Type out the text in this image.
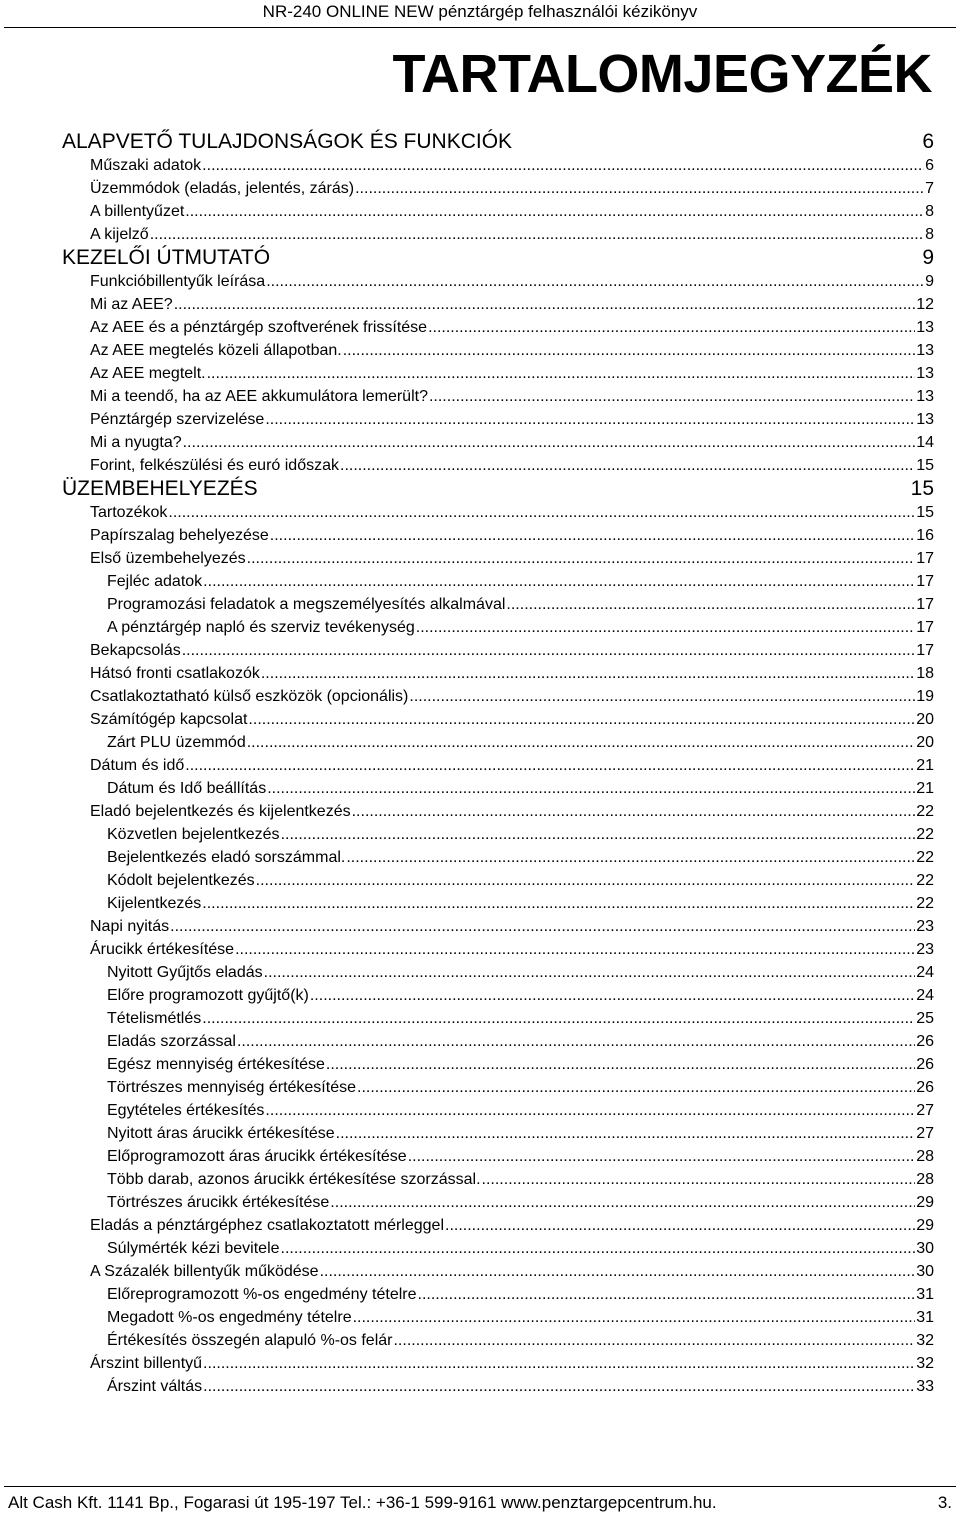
NR-240 ONLINE NEW pénztárgép felhasználói kézikönyv
TARTALOMJEGYZÉK
ALAPVETŐ TULAJDONSÁGOK ÉS FUNKCIÓK	6
Műszaki adatok .....	6
Üzemmódok (eladás, jelentés, zárás) .....	7
A billentyűzet .....	8
A kijelző .....	8
KEZELŐI ÚTMUTATÓ	9
Funkcióbillentyűk leírása .....	9
Mi az AEE? .....	12
Az AEE és a pénztárgép szoftverének frissítése .....	13
Az AEE megtelés közeli állapotban. .....	13
Az AEE megtelt. .....	13
Mi a teendő, ha az AEE akkumulátora lemerült? .....	13
Pénztárgép szervizelése .....	13
Mi a nyugta? .....	14
Forint, felkészülési és euró időszak .....	15
ÜZEMBEHELYEZÉS	15
Tartozékok .....	15
Papírszalag behelyezése .....	16
Első üzembehelyezés .....	17
Fejléc adatok .....	17
Programozási feladatok a megszemélyesítés alkalmával .....	17
A pénztárgép napló és szerviz tevékenység .....	17
Bekapcsolás .....	17
Hátsó fronti csatlakozók .....	18
Csatlakoztatható külső eszközök (opcionális) .....	19
Számítógép kapcsolat .....	20
Zárt PLU üzemmód .....	20
Dátum és idő .....	21
Dátum és Idő beállítás .....	21
Eladó bejelentkezés és kijelentkezés .....	22
Közvetlen bejelentkezés .....	22
Bejelentkezés eladó sorszámmal. .....	22
Kódolt bejelentkezés .....	22
Kijelentkezés .....	22
Napi nyitás .....	23
Árucikk értékesítése .....	23
Nyitott Gyűjtős eladás .....	24
Előre programozott gyűjtő(k) .....	24
Tételismétlés .....	25
Eladás szorzással .....	26
Egész mennyiség értékesítése .....	26
Törtrészes mennyiség értékesítése .....	26
Egytételes értékesítés .....	27
Nyitott áras árucikk értékesítése .....	27
Előprogramozott áras árucikk értékesítése .....	28
Több darab, azonos árucikk értékesítése szorzással. .....	28
Törtrészes árucikk értékesítése .....	29
Eladás a pénztárgéphez csatlakoztatott mérleggel .....	29
Súlymérték kézi bevitele .....	30
A Százalék billentyűk működése .....	30
Előreprogramozott %-os engedmény tételre .....	31
Megadott %-os engedmény tételre .....	31
Értékesítés összegén alapuló %-os felár .....	32
Árszint billentyű .....	32
Árszint váltás .....	33
Alt Cash Kft. 1141 Bp., Fogarasi út 195-197 Tel.: +36-1 599-9161 www.penztargepcentrum.hu.	3.
